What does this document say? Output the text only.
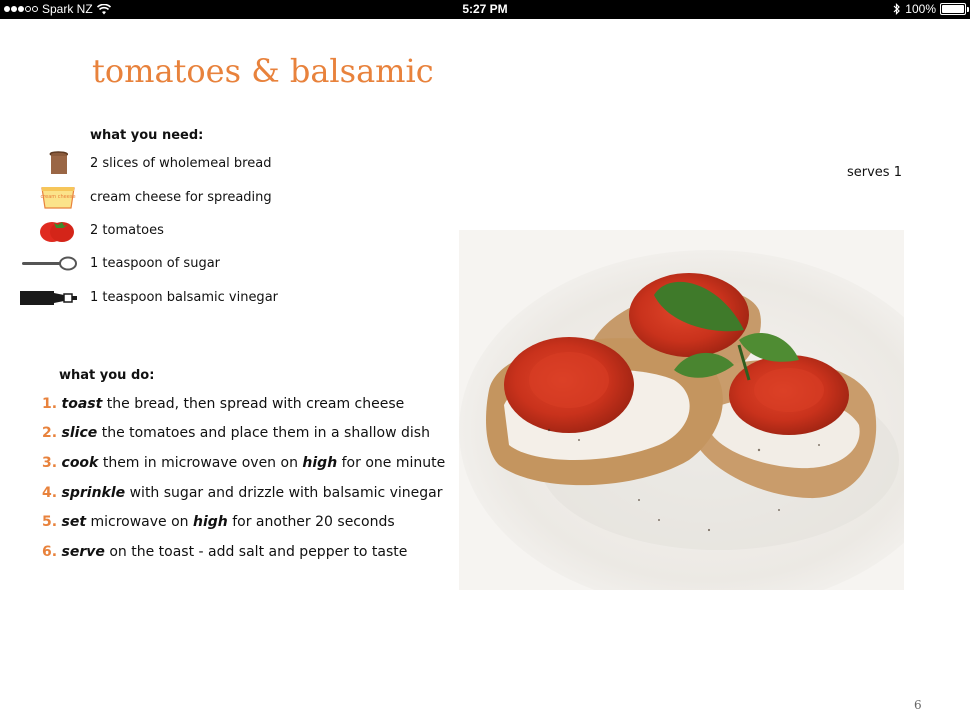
Spark NZ	5:27 PM	100%
tomatoes & balsamic
what you need:
2 slices of wholemeal bread
cream cheese cream cheese for spreading
2 tomatoes
1 teaspoon of sugar
1 teaspoon balsamic vinegar
serves 1
what you do:
1. toast the bread, then spread with cream cheese
2. slice the tomatoes and place them in a shallow dish
3. cook them in microwave oven on high for one minute
4. sprinkle with sugar and drizzle with balsamic vinegar
5. set microwave on high for another 20 seconds
6. serve on the toast - add salt and pepper to taste
6
